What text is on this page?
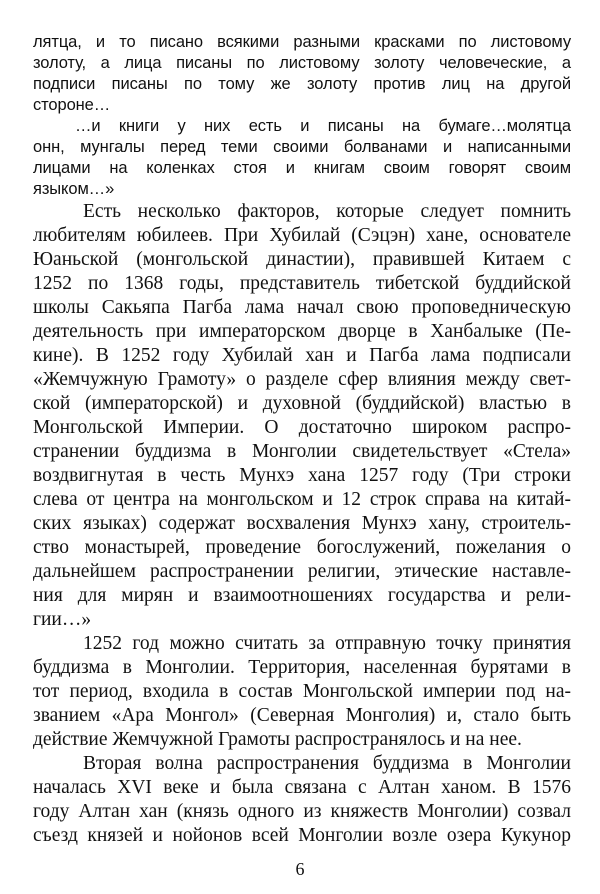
лятца, и то писано всякими разными красками по листовому
золоту, а лица писаны по листовому золоту человеческие, а
подписи писаны по тому же золоту против лиц на другой
стороне…
…и книги у них есть и писаны на бумаге…молятца
онн, мунгалы перед теми своими болванами и написанными
лицами на коленках стоя и книгам своим говорят своим
языком…»
Есть несколько факторов, которые следует помнить
любителям юбилеев. При Хубилай (Сэцэн) хане, основателе
Юаньской (монгольской династии), правившей Китаем с
1252 по 1368 годы, представитель тибетской буддийской
школы Сакьяпа Пагба лама начал свою проповедническую
деятельность при императорском дворце в Ханбалыке (Пе-
кине). В 1252 году Хубилай хан и Пагба лама подписали
«Жемчужную Грамоту» о разделе сфер влияния между свет-
ской (императорской) и духовной (буддийской) властью в
Монгольской Империи. О достаточно широком распро-
странении буддизма в Монголии свидетельствует «Стела»
воздвигнутая в честь Мунхэ хана 1257 году (Три строки
слева от центра на монгольском и 12 строк справа на китай-
ских языках) содержат восхваления Мунхэ хану, строитель-
ство монастырей, проведение богослужений, пожелания о
дальнейшем распространении религии, этические наставле-
ния для мирян и взаимоотношениях государства и рели-
гии…»
1252 год можно считать за отправную точку принятия
буддизма в Монголии. Территория, населенная бурятами в
тот период, входила в состав Монгольской империи под на-
званием «Ара Монгол» (Северная Монголия) и, стало быть
действие Жемчужной Грамоты распространялось и на нее.
Вторая волна распространения буддизма в Монголии
началась XVI веке и была связана с Алтан ханом. В 1576
году Алтан хан (князь одного из княжеств Монголии) созвал
съезд князей и нойонов всей Монголии возле озера Кукунор
6
